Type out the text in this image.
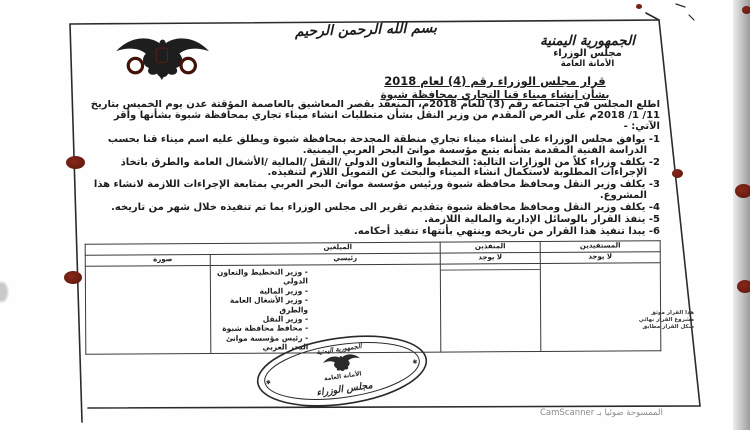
بسم الله الرحمن الرحيم
الجمهورية اليمنية
مجلس الوزراء
الأمانة العامة
قرار مجلس الوزراء رقم (4) لعام 2018
بشأن إنشاء ميناء قنا التجاري بمحافظة شبوة
اطلع المجلس في اجتماعه رقم (3) للعام 2018م، المنعقد بقصر المعاشيق بالعاصمة المؤقتة عدن يوم الخميس بتاريخ 11/ 1/ 2018م على العرض المقدم من وزير النقل بشأن متطلبات انشاء ميناء تجاري بمحافظة شبوة بشأنها وأقر الآتي: -
1- يوافق مجلس الوزراء على انشاء ميناء تجاري منطقة المجدحة بمحافظة شبوة ويطلق عليه اسم ميناء قنا بحسب الدراسة الفنية المقدمة بشأنه يتبع مؤسسة موانئ البحر العربي اليمنية.
2- يكلف وزراء كلاً من الوزارات التالية: التخطيط والتعاون الدولي /النقل /المالية /الأشغال العامة والطرق باتخاذ الإجراءات المطلوبة لاستكمال انشاء الميناء والبحث عن التمويل اللازم لتنفيذه.
3- يكلف وزير النقل ومحافظ محافظة شبوة ورئيس مؤسسة موانئ البحر العربي بمتابعة الإجراءات اللازمة لانشاء هذا المشروع.
4- يكلف وزير النقل ومحافظ محافظة شبوة بتقديم تقرير الى مجلس الوزراء بما تم تنفيذه خلال شهر من تاريخه.
5- ينفذ القرار بالوسائل الإدارية والمالية اللازمة.
6- يبدا تنفيذ هذا القرار من تاريخه وينتهي بأنتهاء تنفيذ أحكامه.
المستفيدين	المنفذين	المبلغين	
لا يوجد	لا يوجد	رئيسي	صورة

- وزير التخطيط والتعاون الدولي
- وزير المالية
- وزير الأشغال العامة والطرق
- وزير النقل
- محافظ محافظة شبوة
- رئيس مؤسسة موانئ البحر العربي

هذا القرار موثق
مشروع القرار نهائي
شكل القرار مطابق
الجمهورية اليمنية
الأمانة العامة
مجلس الوزراء
✱
✱
الممسوحة ضوئيا بـ CamScanner
